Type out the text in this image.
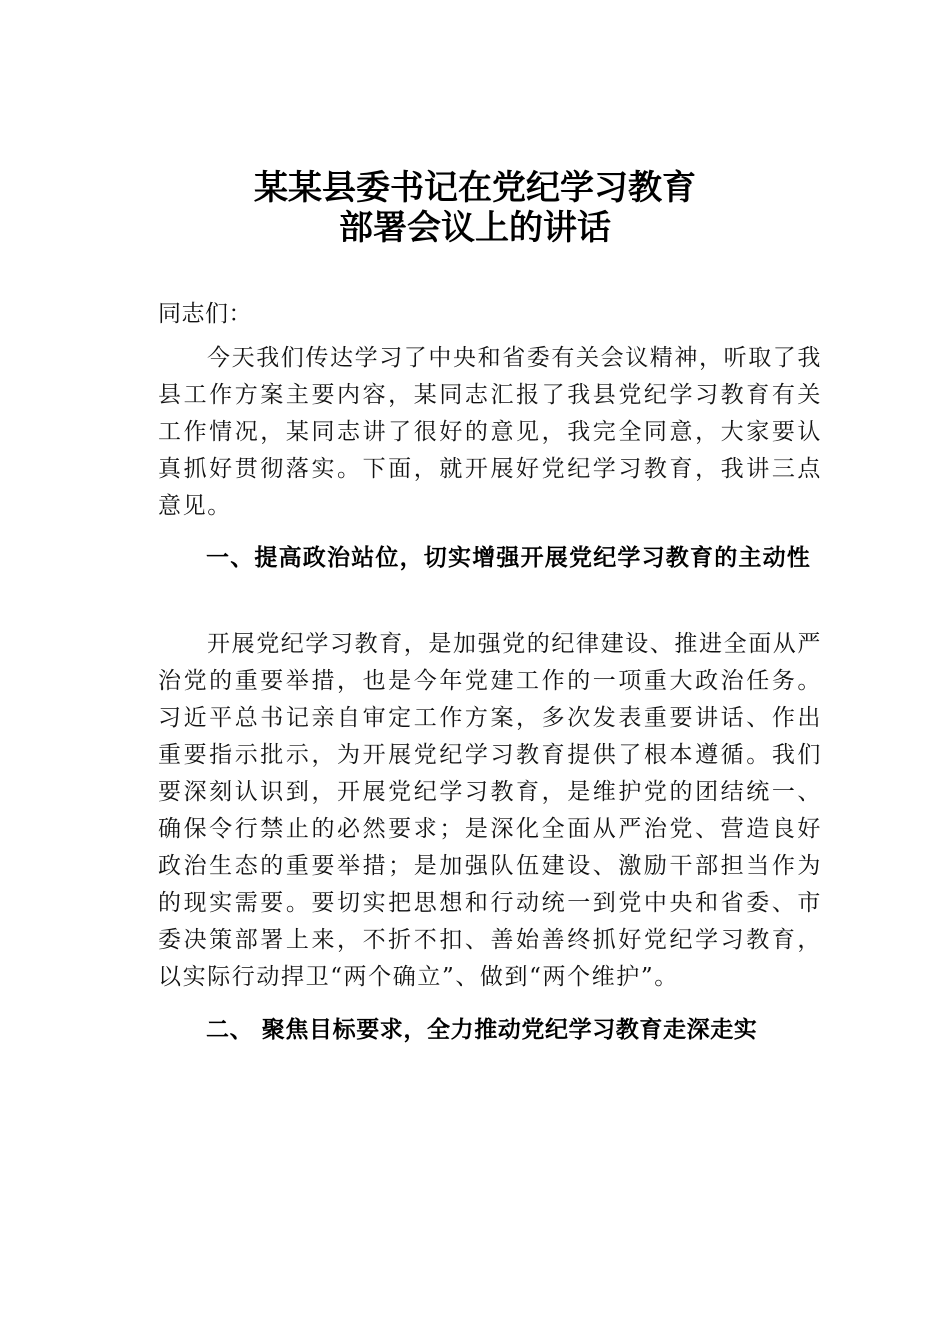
某某县委书记在党纪学习教育
部署会议上的讲话
同志们：
今天我们传达学习了中央和省委有关会议精神，听取了我县工作方案主要内容，某同志汇报了我县党纪学习教育有关工作情况，某同志讲了很好的意见，我完全同意，大家要认真抓好贯彻落实。下面，就开展好党纪学习教育，我讲三点意见。
一、提高政治站位，切实增强开展党纪学习教育的主动性
开展党纪学习教育，是加强党的纪律建设、推进全面从严治党的重要举措，也是今年党建工作的一项重大政治任务。习近平总书记亲自审定工作方案，多次发表重要讲话、作出重要指示批示，为开展党纪学习教育提供了根本遵循。我们要深刻认识到，开展党纪学习教育，是维护党的团结统一、确保令行禁止的必然要求；是深化全面从严治党、营造良好政治生态的重要举措；是加强队伍建设、激励干部担当作为的现实需要。要切实把思想和行动统一到党中央和省委、市委决策部署上来，不折不扣、善始善终抓好党纪学习教育，以实际行动捍卫“两个确立”、做到“两个维护”。
二、 聚焦目标要求，全力推动党纪学习教育走深走实
